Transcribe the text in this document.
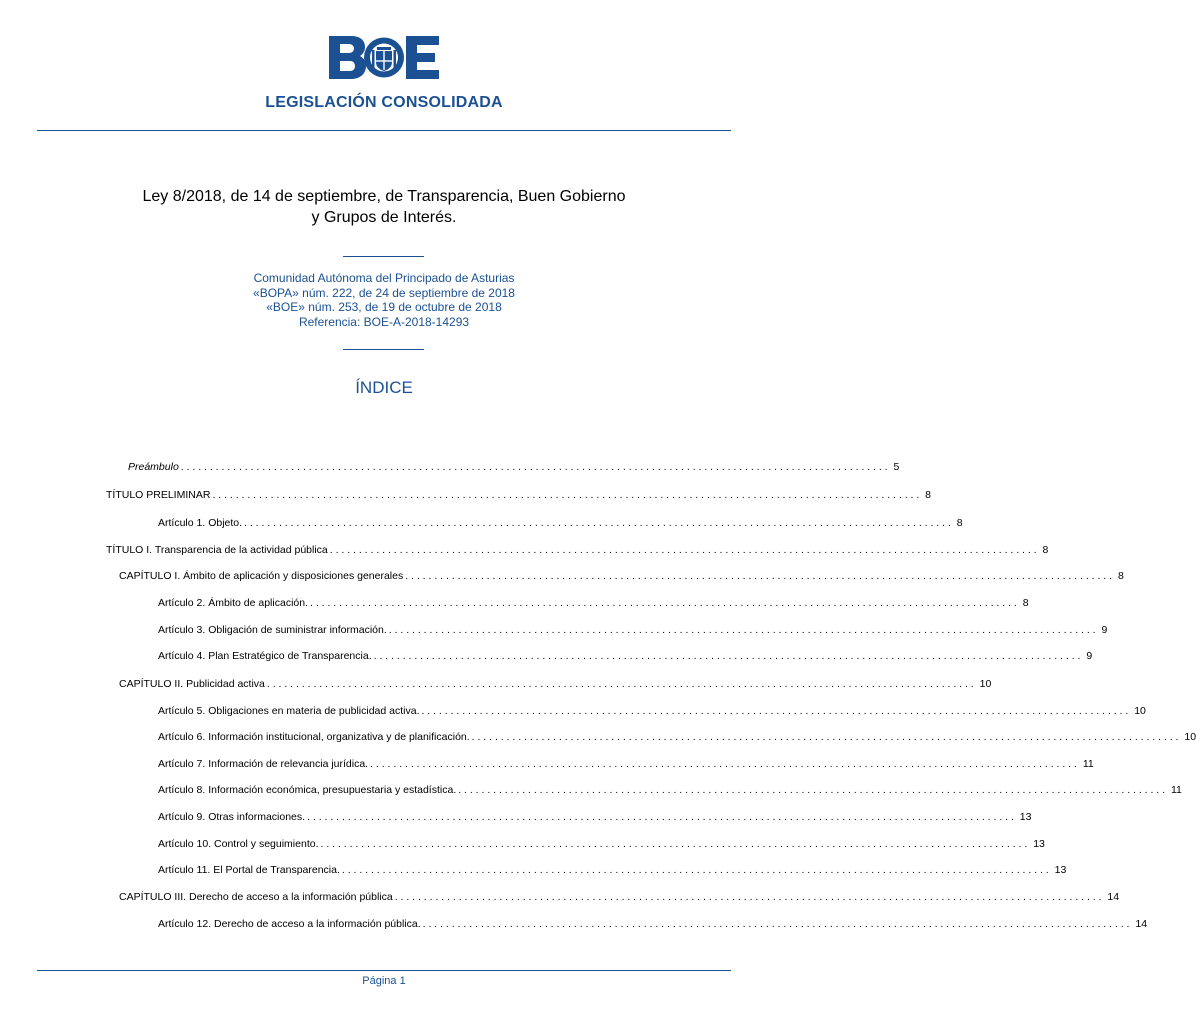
LEGISLACIÓN CONSOLIDADA
Ley 8/2018, de 14 de septiembre, de Transparencia, Buen Gobierno
y Grupos de Interés.
Comunidad Autónoma del Principado de Asturias
«BOPA» núm. 222, de 24 de septiembre de 2018
«BOE» núm. 253, de 19 de octubre de 2018
Referencia: BOE-A-2018-14293
ÍNDICE
Preámbulo .......................................................................................................................... 5
TÍTULO PRELIMINAR .......................................................................................................................... 8
Artículo 1. Objeto. .......................................................................................................................... 8
TÍTULO I. Transparencia de la actividad pública .......................................................................................................................... 8
CAPÍTULO I. Ámbito de aplicación y disposiciones generales .......................................................................................................................... 8
Artículo 2. Ámbito de aplicación. .......................................................................................................................... 8
Artículo 3. Obligación de suministrar información. .......................................................................................................................... 9
Artículo 4. Plan Estratégico de Transparencia. .......................................................................................................................... 9
CAPÍTULO II. Publicidad activa .......................................................................................................................... 10
Artículo 5. Obligaciones en materia de publicidad activa. .......................................................................................................................... 10
Artículo 6. Información institucional, organizativa y de planificación. .......................................................................................................................... 10
Artículo 7. Información de relevancia jurídica. .......................................................................................................................... 11
Artículo 8. Información económica, presupuestaria y estadística. .......................................................................................................................... 11
Artículo 9. Otras informaciones. .......................................................................................................................... 13
Artículo 10. Control y seguimiento. .......................................................................................................................... 13
Artículo 11. El Portal de Transparencia. .......................................................................................................................... 13
CAPÍTULO III. Derecho de acceso a la información pública .......................................................................................................................... 14
Artículo 12. Derecho de acceso a la información pública. .......................................................................................................................... 14
Página 1
